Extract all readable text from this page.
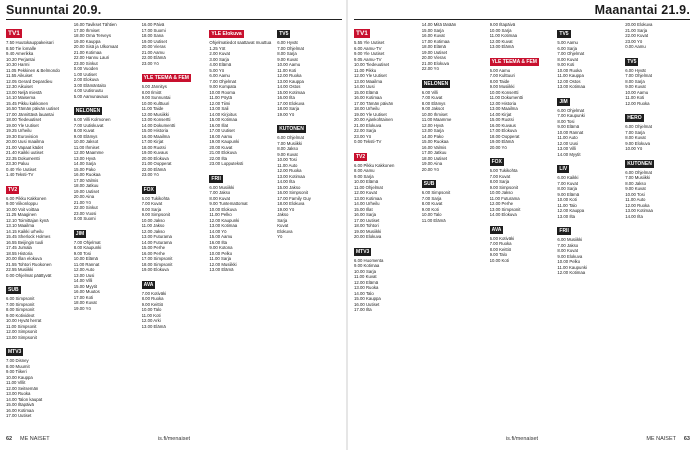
Sunnuntai 20.9.
TV1
7.50 Huutokauppakeisari
8.50 Tie lomalle
9.40 Amerikka
10.20 Perjantai
10.30 Harmi
11.05 Pekkinen & Belmondo
11.55 Aikuiset
12.05 Gerard Depardieu
12.30 Aikuiset
13.00 Neljä miestä
14.10 Maisema
15.45 Pikku kakkonen
16.50 Tämän päivän uutiset
17.00 Jännittävä lauantai
18.00 Tiedeuutiset
19.00 Yle Uutiset
19.25 Urheilu
19.30 Eurovision
20.00 Uusi maailma
21.00 Vapaat kädet
21.40 Kaikki uutiset
22.35 Dokumentti
23.30 Paluu
0.40 Yle Uutiset
1.40 Teksti-TV
TV2
6.00 Pikku Kakkonen
9.00 Viikonloppu
10.00 Voit voittaa
11.25 Maaginen
12.10 Toimittajan kynä
13.10 Maailma
14.15 Kaikki urheilu
15.45 Sherlock Holmes
16.55 Beijingin tuuli
17.45 Jumala
18.55 Historia
20.00 Illan elokuva
21.55 Tohtori Ruokonen
22.55 Musiikki
0.00 Ohjelmat päättyvät
SUB
6.00 Simpsonit
7.00 Simpsonit
8.00 Simpsonit
9.00 Kotivideot
10.00 Hyvät herrat
11.00 Simpsonit
12.00 Simpsonit
13.00 Simpsonit
MTV3
7.00 Disney
8.00 Muumit
9.00 Tiikeri
10.00 Kauppa
11.00 Villit
12.00 Seitsemän
13.00 Ruoka
14.00 Talon kaupat
15.00 Iltapäivä
16.00 Kotimaa
17.00 Uutiset
16.00 Tavikset Tähtien
17.00 Ihmiset
18.00 Oma Terveys
19.00 Kauppa
20.00 Sisä ja Ulkomaat
21.00 Kotimaa
22.00 Hannu Lauri
23.00 Sinkut
0.00 Vuoden
1.00 Uutiset
2.00 Elokuva
3.00 Elämäntaito
4.00 Uutisruutu
5.00 Aamunavaus
NELONEN
6.00 Villi Kolmonen
7.00 Uutiskuvat
8.00 Kuvat
9.00 Elämys
10.00 Jaksot
11.00 Ihmiset
12.00 Maamme
13.00 Hyvä
14.00 Sarja
15.00 Pako
16.00 Ruokaa
17.00 Valmis
18.00 Jatkuu
19.00 Uutiset
20.00 Aina
21.00 Yö
22.00 Sinkut
23.00 Vuosi
0.00 Suomi
JIM
7.00 Ohjelmat
8.00 Kaupunki
9.00 Tosi
10.00 Elämä
11.00 Rannat
12.00 Auto
13.00 Uusi
14.00 Villi
15.00 Myytit
16.00 Muutos
17.00 Koti
18.00 Kuvat
19.00 Yö
16.00 Päivä
17.00 Suomi
18.00 Sana
19.00 Uutiset
20.00 Vieras
21.00 Aamu
22.00 Elämä
23.00 Yö
YLE TEEMA & FEM
6.00 Jännitys
8.00 Ilmiöt
9.00 Sunnuntai
10.00 Kulttuuri
11.00 Taide
12.00 Musiikki
13.00 Konsertti
14.00 Dokumentti
15.00 Historia
16.00 Maailma
17.00 Kirjat
18.00 Ruotsi
19.00 Kuvaus
20.00 Elokuva
21.00 Oopperat
22.00 Elämä
23.00 Yö
FOX
6.00 Tukikohta
7.00 Kuvat
8.00 Sarja
9.00 Simpsonit
10.00 Jakso
11.00 Jakso
12.00 Jakso
13.00 Futurama
14.00 Futurama
15.00 Perhe
16.00 Perhe
17.00 Simpsonit
18.00 Simpsonit
19.00 Elokuva
AVA
7.00 Kotiväki
8.00 Ruoka
9.00 Keittiö
10.00 Talo
11.00 Koti
12.00 Arki
13.00 Elämä
YLE Elokuva
Ohjelmatiedot saattavat muuttua
1.25 Yöt
2.00 Kuvat
3.00 Sarja
4.00 Elämä
5.00 Yö
6.00 Aamu
7.00 Ohjelmat
9.00 Kompata
10.00 Rooma
11.00 Pöytä
12.00 Tiimi
13.00 Sali
14.00 Kirjoitus
15.00 Kotimaa
16.00 Illat
17.00 Uutiset
18.00 Aamu
19.00 Kaupunki
20.00 Kuvat
21.00 Elokuva
22.00 Ilta
23.00 Lopputeksti
FRII
6.00 Musiikki
7.00 Jakso
8.00 Kuvat
9.00 Tuntemattomat
10.00 Elokuva
11.00 Pelko
12.00 Kaupunki
13.00 Kotimaa
14.00 Yö
15.00 Aamu
16.00 Ilta
9.00 Kotona
10.00 Pelko
11.00 Sarja
12.00 Musiikki
13.00 Elämä
TV5
6.00 Hyvät
7.00 Ohjelmat
8.00 Sarja
9.00 Kuvat
10.00 Aamu
11.00 Koti
12.00 Ruoka
13.00 Kauppa
14.00 Ostos
15.00 Kotimaa
16.00 Ilta
17.00 Elokuva
18.00 Sarja
19.00 Yö
KUTONEN
6.00 Ohjelmat
7.00 Musiikki
8.00 Jakso
9.00 Kuvat
10.00 Tosi
11.00 Auto
12.00 Ruoka
13.00 Kotimaa
14.00 Ilta
15.00 Jakso
16.00 Simpsonit
17.00 Family Guy
18.00 Elokuva
19.00 Yö
Jakso
Sarja
Kuvat
Elokuva
Yö
62 ME NAISET	is.fi/menaiset
Maanantai 21.9.
TV1
5.55 Yle Uutiset
6.00 Aamu-TV
9.00 Yle Uutiset
9.05 Aamu-TV
10.00 Tiedeuutiset
11.00 Pikku
12.00 Yle Uutiset
13.00 Maailma
14.00 Uusi
15.00 Elämä
16.00 Kotimaa
17.00 Tämän päivän
18.00 Urheilu
19.00 Yle Uutiset
20.00 Ajankohtainen
21.00 Elokuva
22.00 Sarja
23.00 Yö
0.00 Teksti-TV
TV2
6.00 Pikku Kakkonen
8.00 Aamu
9.00 Sarja
10.00 Elämä
11.00 Ohjelmat
12.00 Kuvat
13.00 Kotimaa
14.00 Urheilu
15.00 Illat
16.00 Sarja
17.00 Uutiset
18.00 Tohtori
19.00 Musiikki
20.00 Elokuva
MTV3
6.00 Huomenta
9.00 Kotimaa
10.00 Sarja
11.00 Kuvat
12.00 Elämä
13.00 Ruoka
14.00 Talo
15.00 Kauppa
16.00 Uutiset
17.00 Ilta
14.00 Mitä tänään
15.00 Sarja
16.00 Kuvat
17.00 Kotimaa
18.00 Elämä
19.00 Uutiset
20.00 Vieras
21.00 Elokuva
22.00 Yö
NELONEN
6.00 Villi
7.00 Kuvat
8.00 Elämys
9.00 Jaksot
10.00 Ihmiset
11.00 Maamme
12.00 Hyvä
13.00 Sarja
14.00 Pako
15.00 Ruokaa
16.00 Valmis
17.00 Jatkuu
18.00 Uutiset
19.00 Aina
20.00 Yö
SUB
6.00 Simpsonit
7.00 Sarja
8.00 Kuvat
9.00 Koti
10.00 Talo
11.00 Elämä
9.00 Iltapäivä
10.00 Sarja
11.00 Kotimaa
12.00 Kuvat
13.00 Elämä
YLE TEEMA & FEM
6.00 Aamu
7.00 Kulttuuri
8.00 Taide
9.00 Musiikki
10.00 Konsertti
11.00 Dokumentti
12.00 Historia
13.00 Maailma
14.00 Kirjat
15.00 Ruotsi
16.00 Kuvaus
17.00 Elokuva
18.00 Oopperat
19.00 Elämä
20.00 Yö
FOX
6.00 Tukikohta
7.00 Kuvat
8.00 Sarja
9.00 Simpsonit
10.00 Jakso
11.00 Futurama
12.00 Perhe
13.00 Simpsonit
14.00 Elokuva
AVA
6.00 Kotiväki
7.00 Ruoka
8.00 Keittiö
9.00 Talo
10.00 Koti
TV5
5.00 Aamu
6.00 Sarja
7.00 Ohjelmat
8.00 Kuvat
9.00 Koti
10.00 Ruoka
11.00 Kauppa
12.00 Ostos
13.00 Kotimaa
JIM
6.00 Ohjelmat
7.00 Kaupunki
8.00 Tosi
9.00 Elämä
10.00 Rannat
11.00 Auto
12.00 Uusi
13.00 Villi
14.00 Myytit
LIV
6.00 Kaikki
7.00 Kuvat
8.00 Sarja
9.00 Elämä
10.00 Koti
11.00 Talo
12.00 Kauppa
13.00 Ilta
FRII
6.00 Musiikki
7.00 Jakso
8.00 Kuvat
9.00 Elokuva
10.00 Pelko
11.00 Kaupunki
12.00 Kotimaa
20.00 Elokuva
21.00 Sarja
22.00 Kuvat
23.00 Yö
0.00 Aamu
TV5
6.00 Hyvät
7.00 Ohjelmat
8.00 Sarja
9.00 Kuvat
10.00 Aamu
11.00 Koti
12.00 Ruoka
HERO
6.00 Ohjelmat
7.00 Sarja
8.00 Kuvat
9.00 Elokuva
10.00 Yö
KUTONEN
6.00 Ohjelmat
7.00 Musiikki
8.00 Jakso
9.00 Kuvat
10.00 Tosi
11.00 Auto
12.00 Ruoka
13.00 Kotimaa
14.00 Ilta
is.fi/menaiset	ME NAISET 63
